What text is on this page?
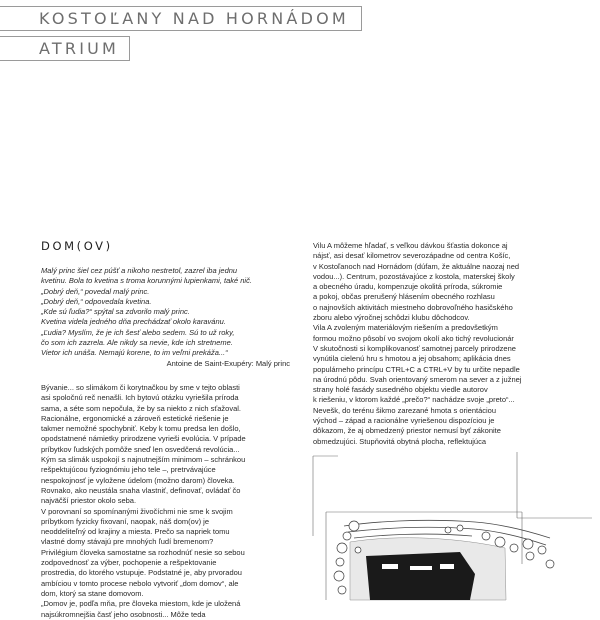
KOSTOĽANY NAD HORNÁDOM
ATRIUM
DOM(OV)
Malý princ šiel cez púšť a nikoho nestretol, zazrel iba jednu
kvetinu. Bola to kvetina s troma korunnými lupienkami, také nič.
„Dobrý deň,“ povedal malý princ.
„Dobrý deň,“ odpovedala kvetina.
„Kde sú ľudia?“ spýtal sa zdvorilo malý princ.
Kvetina videla jedného dňa prechádzať okolo karavánu.
„Ľudia? Myslím, že je ich šesť alebo sedem. Sú to už roky,
čo som ich zazrela. Ale nikdy sa nevie, kde ich stretneme.
Vietor ich unáša. Nemajú korene, to im veľmi prekáža...“
Antoine de Saint-Exupéry: Malý princ
Bývanie... so slimákom či korytnačkou by sme v tejto oblasti
asi spoločnú reč nenašli. Ich bytovú otázku vyriešila príroda
sama, a séte som nepočula, že by sa niekto z nich sťažoval.
Racionálne, ergonomické a zároveň estetické riešenie je
takmer nemožné spochybniť. Keby k tomu predsa len došlo,
opodstatnené námietky prirodzene vyrieši evolúcia. V prípade
príbytkov ľudských pomôže sneď len osvedčená revolúcia...
Kým sa slimák uspokojí s najnutnejším minimom – schránkou
rešpektujúcou fyziognómiu jeho tele –, pretrvávajúce
nespokojnosť je vyložene údelom (možno darom) človeka.
Rovnako, ako neustála snaha vlastniť, definovať, ovládať čo
najväčší priestor okolo seba.
V porovnaní so spomínanými živočíchmi nie sme k svojim
príbytkom fyzicky fixovaní, naopak, náš dom(ov) je
neoddeliteľný od krajiny a miesta. Prečo sa napriek tomu
vlastné domy stávajú pre mnohých ľudí bremenom?
Privilégium človeka samostatne sa rozhodnúť nesie so sebou
zodpovednosť za výber, pochopenie a rešpektovanie
prostredia, do ktorého vstupuje. Podstatné je, aby prvoradou
ambíciou v tomto procese nebolo vytvoriť „dom domov“, ale
dom, ktorý sa stane domovom.
„Domov je, podľa mňa, pre človeka miestom, kde je uložená
najsúkromnejšia časť jeho osobnosti... Môže teda
Vilu A môžeme hľadať, s veľkou dávkou šťastia dokonce aj
nájsť, asi desať kilometrov severozápadne od centra Košíc,
v Kostoľanoch nad Hornádom (dúfam, že aktuálne naozaj ned
vodou...). Centrum, pozostávajúce z kostola, materskej školy
a obecného úradu, kompenzuje okolitá príroda, súkromie
a pokoj, občas prerušený hlásením obecného rozhlasu
o najnovších aktivitách miestneho dobrovoľného hasičského
zboru alebo výročnej schôdzi klubu dôchodcov.
Vila A zvoleným materiálovým riešením a predovšetkým
formou možno pôsobí vo svojom okolí ako tichý revolucionár
V skutočnosti si komplikovanosť samotnej parcely prirodzene
vynútila cielenú hru s hmotou a jej obsahom; aplikácia dnes
populárneho princípu CTRL+C a CTRL+V by tu určite nepadle
na úrodnú pôdu. Svah orientovaný smerom na sever a z južnej
strany holé fasády susedného objektu viedle autorov
k riešeniu, v ktorom každé „prečo?“ nachádze svoje „preto“...
Nevešk, do terénu šikmo zarezané hmota s orientáciou
východ – západ a racionálne vyriešenou dispozíciou je
dôkazom, že aj obmedzený priestor nemusí byť zákonite
obmedzujúci. Stupňovitá obytná plocha, reflektujúca
